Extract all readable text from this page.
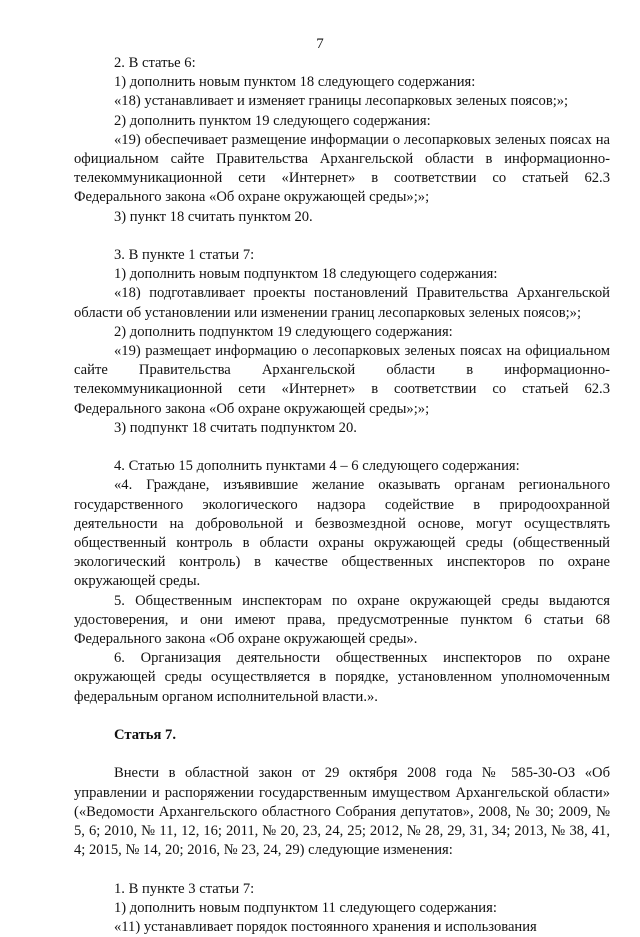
7

2. В статье 6:

1) дополнить новым пунктом 18 следующего содержания:

«18) устанавливает и изменяет границы лесопарковых зеленых поясов;»;

2) дополнить пунктом 19 следующего содержания:

«19) обеспечивает размещение информации о лесопарковых зеленых поясах на официальном сайте Правительства Архангельской области в информационно-телекоммуникационной сети «Интернет» в соответствии со статьей 62.3 Федерального закона «Об охране окружающей среды»;»;

3) пункт 18 считать пунктом 20.

3. В пункте 1 статьи 7:

1) дополнить новым подпунктом 18 следующего содержания:

«18) подготавливает проекты постановлений Правительства Архангельской области об установлении или изменении границ лесопарковых зеленых поясов;»;

2) дополнить подпунктом 19 следующего содержания:

«19) размещает информацию о лесопарковых зеленых поясах на официальном сайте Правительства Архангельской области в информационно-телекоммуникационной сети «Интернет» в соответствии со статьей 62.3 Федерального закона «Об охране окружающей среды»;»;

3) подпункт 18 считать подпунктом 20.

4. Статью 15 дополнить пунктами 4 – 6 следующего содержания:

«4. Граждане, изъявившие желание оказывать органам регионального государственного экологического надзора содействие в природоохранной деятельности на добровольной и безвозмездной основе, могут осуществлять общественный контроль в области охраны окружающей среды (общественный экологический контроль) в качестве общественных инспекторов по охране окружающей среды.

5. Общественным инспекторам по охране окружающей среды выдаются удостоверения, и они имеют права, предусмотренные пунктом 6 статьи 68 Федерального закона «Об охране окружающей среды».

6. Организация деятельности общественных инспекторов по охране окружающей среды осуществляется в порядке, установленном уполномоченным федеральным органом исполнительной власти.».

Статья 7.

Внести в областной закон от 29 октября 2008 года № 585-30-ОЗ «Об управлении и распоряжении государственным имуществом Архангельской области» («Ведомости Архангельского областного Собрания депутатов», 2008, № 30; 2009, № 5, 6; 2010, № 11, 12, 16; 2011, № 20, 23, 24, 25; 2012, № 28, 29, 31, 34; 2013, № 38, 41, 4; 2015, № 14, 20; 2016, № 23, 24, 29) следующие изменения:

1. В пункте 3 статьи 7:

1) дополнить новым подпунктом 11 следующего содержания:

«11) устанавливает порядок постоянного хранения и использования
